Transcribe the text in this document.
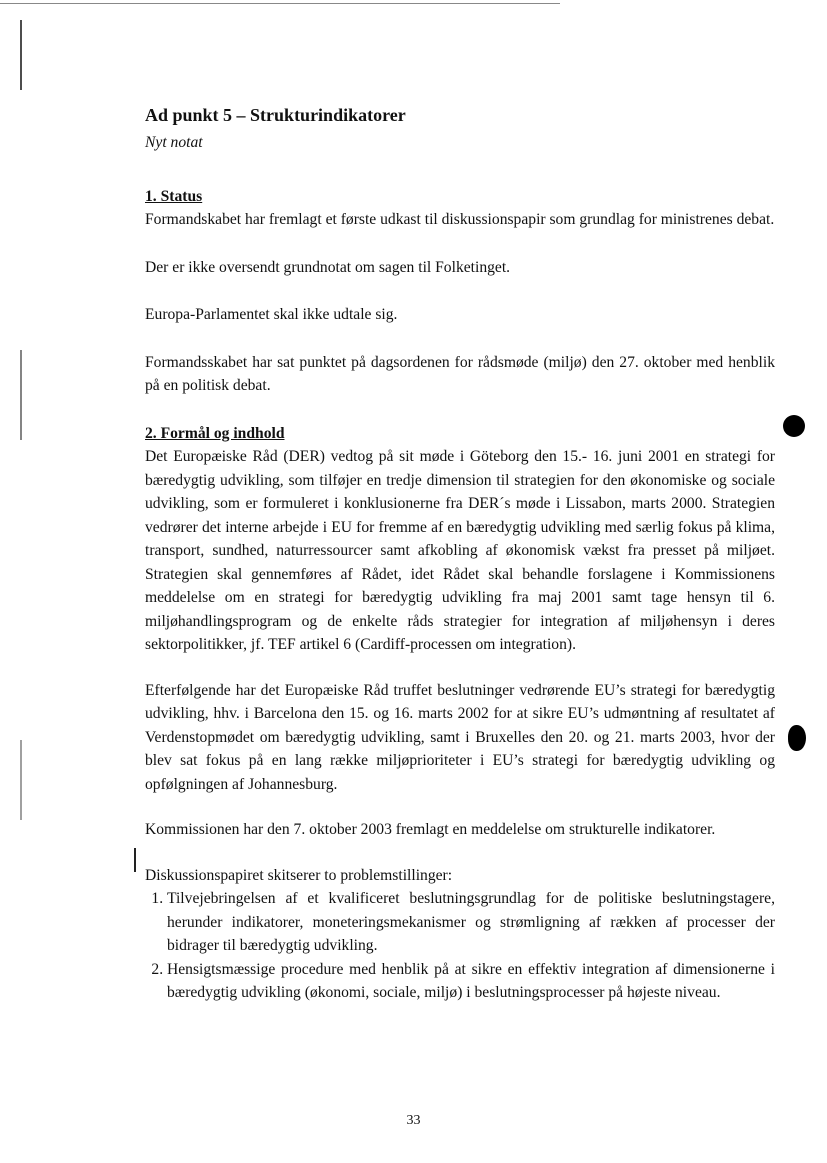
Ad punkt 5 – Strukturindikatorer
Nyt notat
1. Status

Formandskabet har fremlagt et første udkast til diskussionspapir som grundlag for ministrenes debat.

Der er ikke oversendt grundnotat om sagen til Folketinget.

Europa-Parlamentet skal ikke udtale sig.

Formandsskabet har sat punktet på dagsordenen for rådsmøde (miljø) den 27. oktober med henblik på en politisk debat.

2. Formål og indhold

Det Europæiske Råd (DER) vedtog på sit møde i Göteborg den 15.- 16. juni 2001 en strategi for bæredygtig udvikling, som tilføjer en tredje dimension til strategien for den økonomiske og sociale udvikling, som er formuleret i konklusionerne fra DER´s møde i Lissabon, marts 2000. Strategien vedrører det interne arbejde i EU for fremme af en bæredygtig udvikling med særlig fokus på klima, transport, sundhed, naturressourcer samt afkobling af økonomisk vækst fra presset på miljøet. Strategien skal gennemføres af Rådet, idet Rådet skal behandle forslagene i Kommissionens meddelelse om en strategi for bæredygtig udvikling fra maj 2001 samt tage hensyn til 6. miljøhandlingsprogram og de enkelte råds strategier for integration af miljøhensyn i deres sektorpolitikker, jf. TEF artikel 6 (Cardiff-processen om integration).

Efterfølgende har det Europæiske Råd truffet beslutninger vedrørende EU’s strategi for bæredygtig udvikling, hhv. i Barcelona den 15. og 16. marts 2002 for at sikre EU’s udmøntning af resultatet af Verdenstopmødet om bæredygtig udvikling, samt i Bruxelles den 20. og 21. marts 2003, hvor der blev sat fokus på en lang række miljøprioriteter i EU’s strategi for bæredygtig udvikling og opfølgningen af Johannesburg.

Kommissionen har den 7. oktober 2003 fremlagt en meddelelse om strukturelle indikatorer.

Diskussionspapiret skitserer to problemstillinger:

1. Tilvejebringelsen af et kvalificeret beslutningsgrundlag for de politiske beslutningstagere, herunder indikatorer, moneteringsmekanismer og strømligning af rækken af processer der bidrager til bæredygtig udvikling.
2. Hensigtsmæssige procedure med henblik på at sikre en effektiv integration af dimensionerne i bæredygtig udvikling (økonomi, sociale, miljø) i beslutningsprocesser på højeste niveau.
33
